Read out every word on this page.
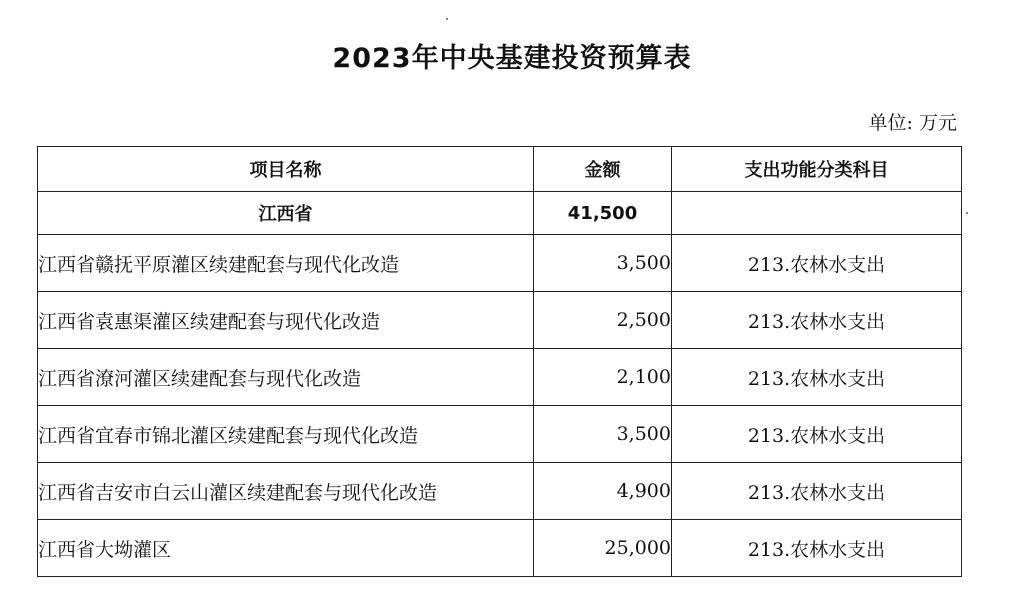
2023年中央基建投资预算表
单位: 万元
项目名称	金额	支出功能分类科目
江西省	41,500	
江西省赣抚平原灌区续建配套与现代化改造	3,500	213.农林水支出
江西省袁惠渠灌区续建配套与现代化改造	2,500	213.农林水支出
江西省潦河灌区续建配套与现代化改造	2,100	213.农林水支出
江西省宜春市锦北灌区续建配套与现代化改造	3,500	213.农林水支出
江西省吉安市白云山灌区续建配套与现代化改造	4,900	213.农林水支出
江西省大坳灌区	25,000	213.农林水支出
